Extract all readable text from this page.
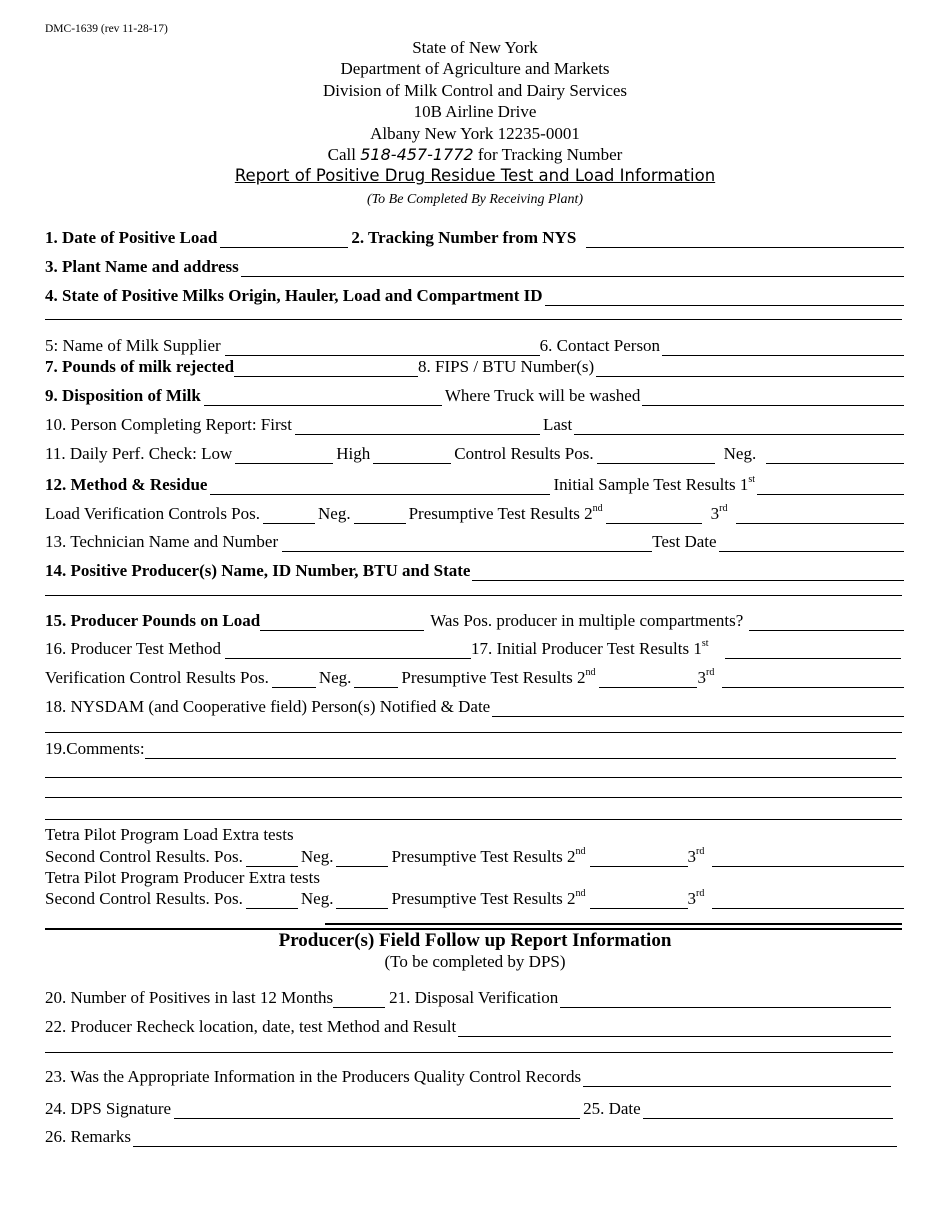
DMC-1639 (rev 11-28-17)
State of New York
Department of Agriculture and Markets
Division of Milk Control and Dairy Services
10B Airline Drive
Albany New York 12235-0001
Call 518-457-1772 for Tracking Number
Report of Positive Drug Residue Test and Load Information
(To Be Completed By Receiving Plant)
1. Date of Positive Load	2. Tracking Number from NYS
3 . Plant Name and address
4. State of Positive Milks Origin, Hauler, Load and Compartment ID
5: Name of Milk Supplier	6. Contact Person
7. Pounds of milk rejected	8. FIPS / BTU Number(s)
9. Disposition of Milk	Where Truck will be washed
10. Person Completing Report: First	Last
11. Daily Perf. Check: Low	High	Control Results Pos.	Neg.
12. Method & Residue	Initial Sample Test Results 1st
Load Verification Controls Pos.	Neg.	Presumptive Test Results 2nd	3rd
13. Technician Name and Number	Test Date
14. Positive Producer(s) Name, ID Number, BTU and State
15. Producer Pounds on Load	Was Pos. producer in multiple compartments?
16. Producer Test Method	17. Initial Producer Test Results 1st
Verification Control Results Pos.	Neg.	Presumptive Test Results 2nd	3rd
18. NYSDAM (and Cooperative field) Person(s) Notified & Date
19.Comments:
Tetra Pilot Program Load Extra tests
Second Control Results. Pos.	Neg.	Presumptive Test Results 2nd	3rd
Tetra Pilot Program Producer Extra tests
Second Control Results. Pos.	Neg.	Presumptive Test Results 2nd	3rd
Producer(s) Field Follow up Report Information
(To be completed by DPS)
20. Number of Positives in last 12 Months	21. Disposal Verification
22. Producer Recheck location, date, test Method and Result
23. Was the Appropriate Information in the Producers Quality Control Records
24. DPS Signature	25. Date
26. Remarks
